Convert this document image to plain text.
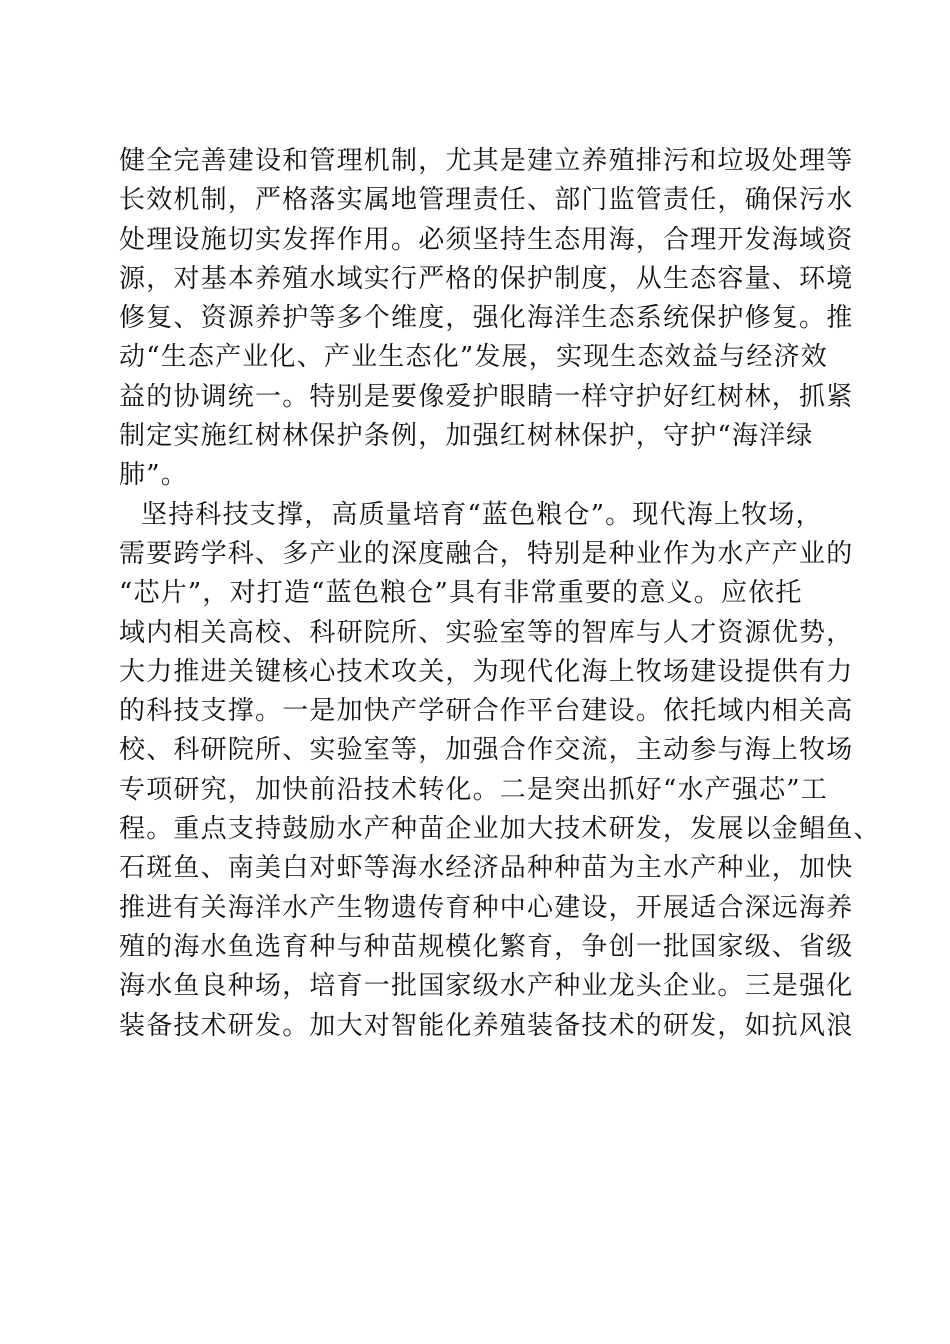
健全完善建设和管理机制，尤其是建立养殖排污和垃圾处理等
长效机制，严格落实属地管理责任、部门监管责任，确保污水
处理设施切实发挥作用。必须坚持生态用海，合理开发海域资
源，对基本养殖水域实行严格的保护制度，从生态容量、环境
修复、资源养护等多个维度，强化海洋生态系统保护修复。推
动“生态产业化、产业生态化”发展，实现生态效益与经济效
益的协调统一。特别是要像爱护眼睛一样守护好红树林，抓紧
制定实施红树林保护条例，加强红树林保护，守护“海洋绿
肺”。
坚持科技支撑，高质量培育“蓝色粮仓”。现代海上牧场，
需要跨学科、多产业的深度融合，特别是种业作为水产产业的
“芯片”，对打造“蓝色粮仓”具有非常重要的意义。应依托
域内相关高校、科研院所、实验室等的智库与人才资源优势，
大力推进关键核心技术攻关，为现代化海上牧场建设提供有力
的科技支撑。一是加快产学研合作平台建设。依托域内相关高
校、科研院所、实验室等，加强合作交流，主动参与海上牧场
专项研究，加快前沿技术转化。二是突出抓好“水产强芯”工
程。重点支持鼓励水产种苗企业加大技术研发，发展以金鲳鱼、
石斑鱼、南美白对虾等海水经济品种种苗为主水产种业，加快
推进有关海洋水产生物遗传育种中心建设，开展适合深远海养
殖的海水鱼选育种与种苗规模化繁育，争创一批国家级、省级
海水鱼良种场，培育一批国家级水产种业龙头企业。三是强化
装备技术研发。加大对智能化养殖装备技术的研发，如抗风浪
